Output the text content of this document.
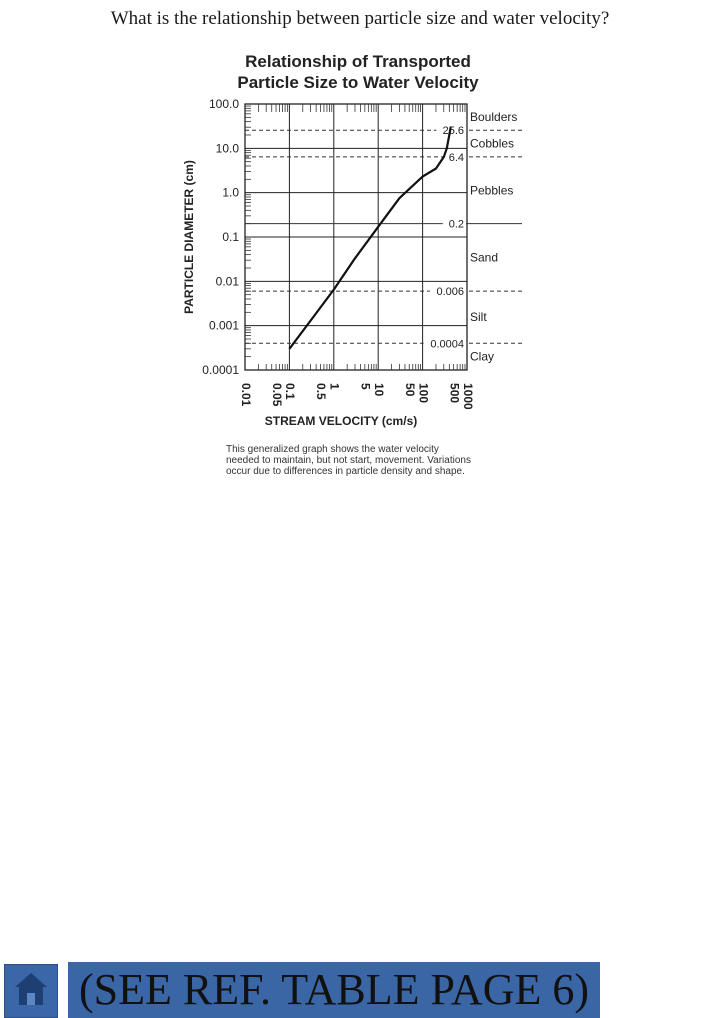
What is the relationship between particle size and water velocity?
Relationship of Transported
Particle Size to Water Velocity
25.6
6.4
0.2
0.006
0.0004
100.0
10.0
1.0
0.1
0.01
0.001
0.0001
0.01 0.05 0.1 0.5 1 5 10 50 100 500 1000
Boulders
Cobbles
Pebbles
Sand
Silt
Clay
PARTICLE DIAMETER (cm)
STREAM VELOCITY (cm/s)
This generalized graph shows the water velocity
needed to maintain, but not start, movement. Variations
occur due to differences in particle density and shape.
(SEE REF. TABLE PAGE 6)
